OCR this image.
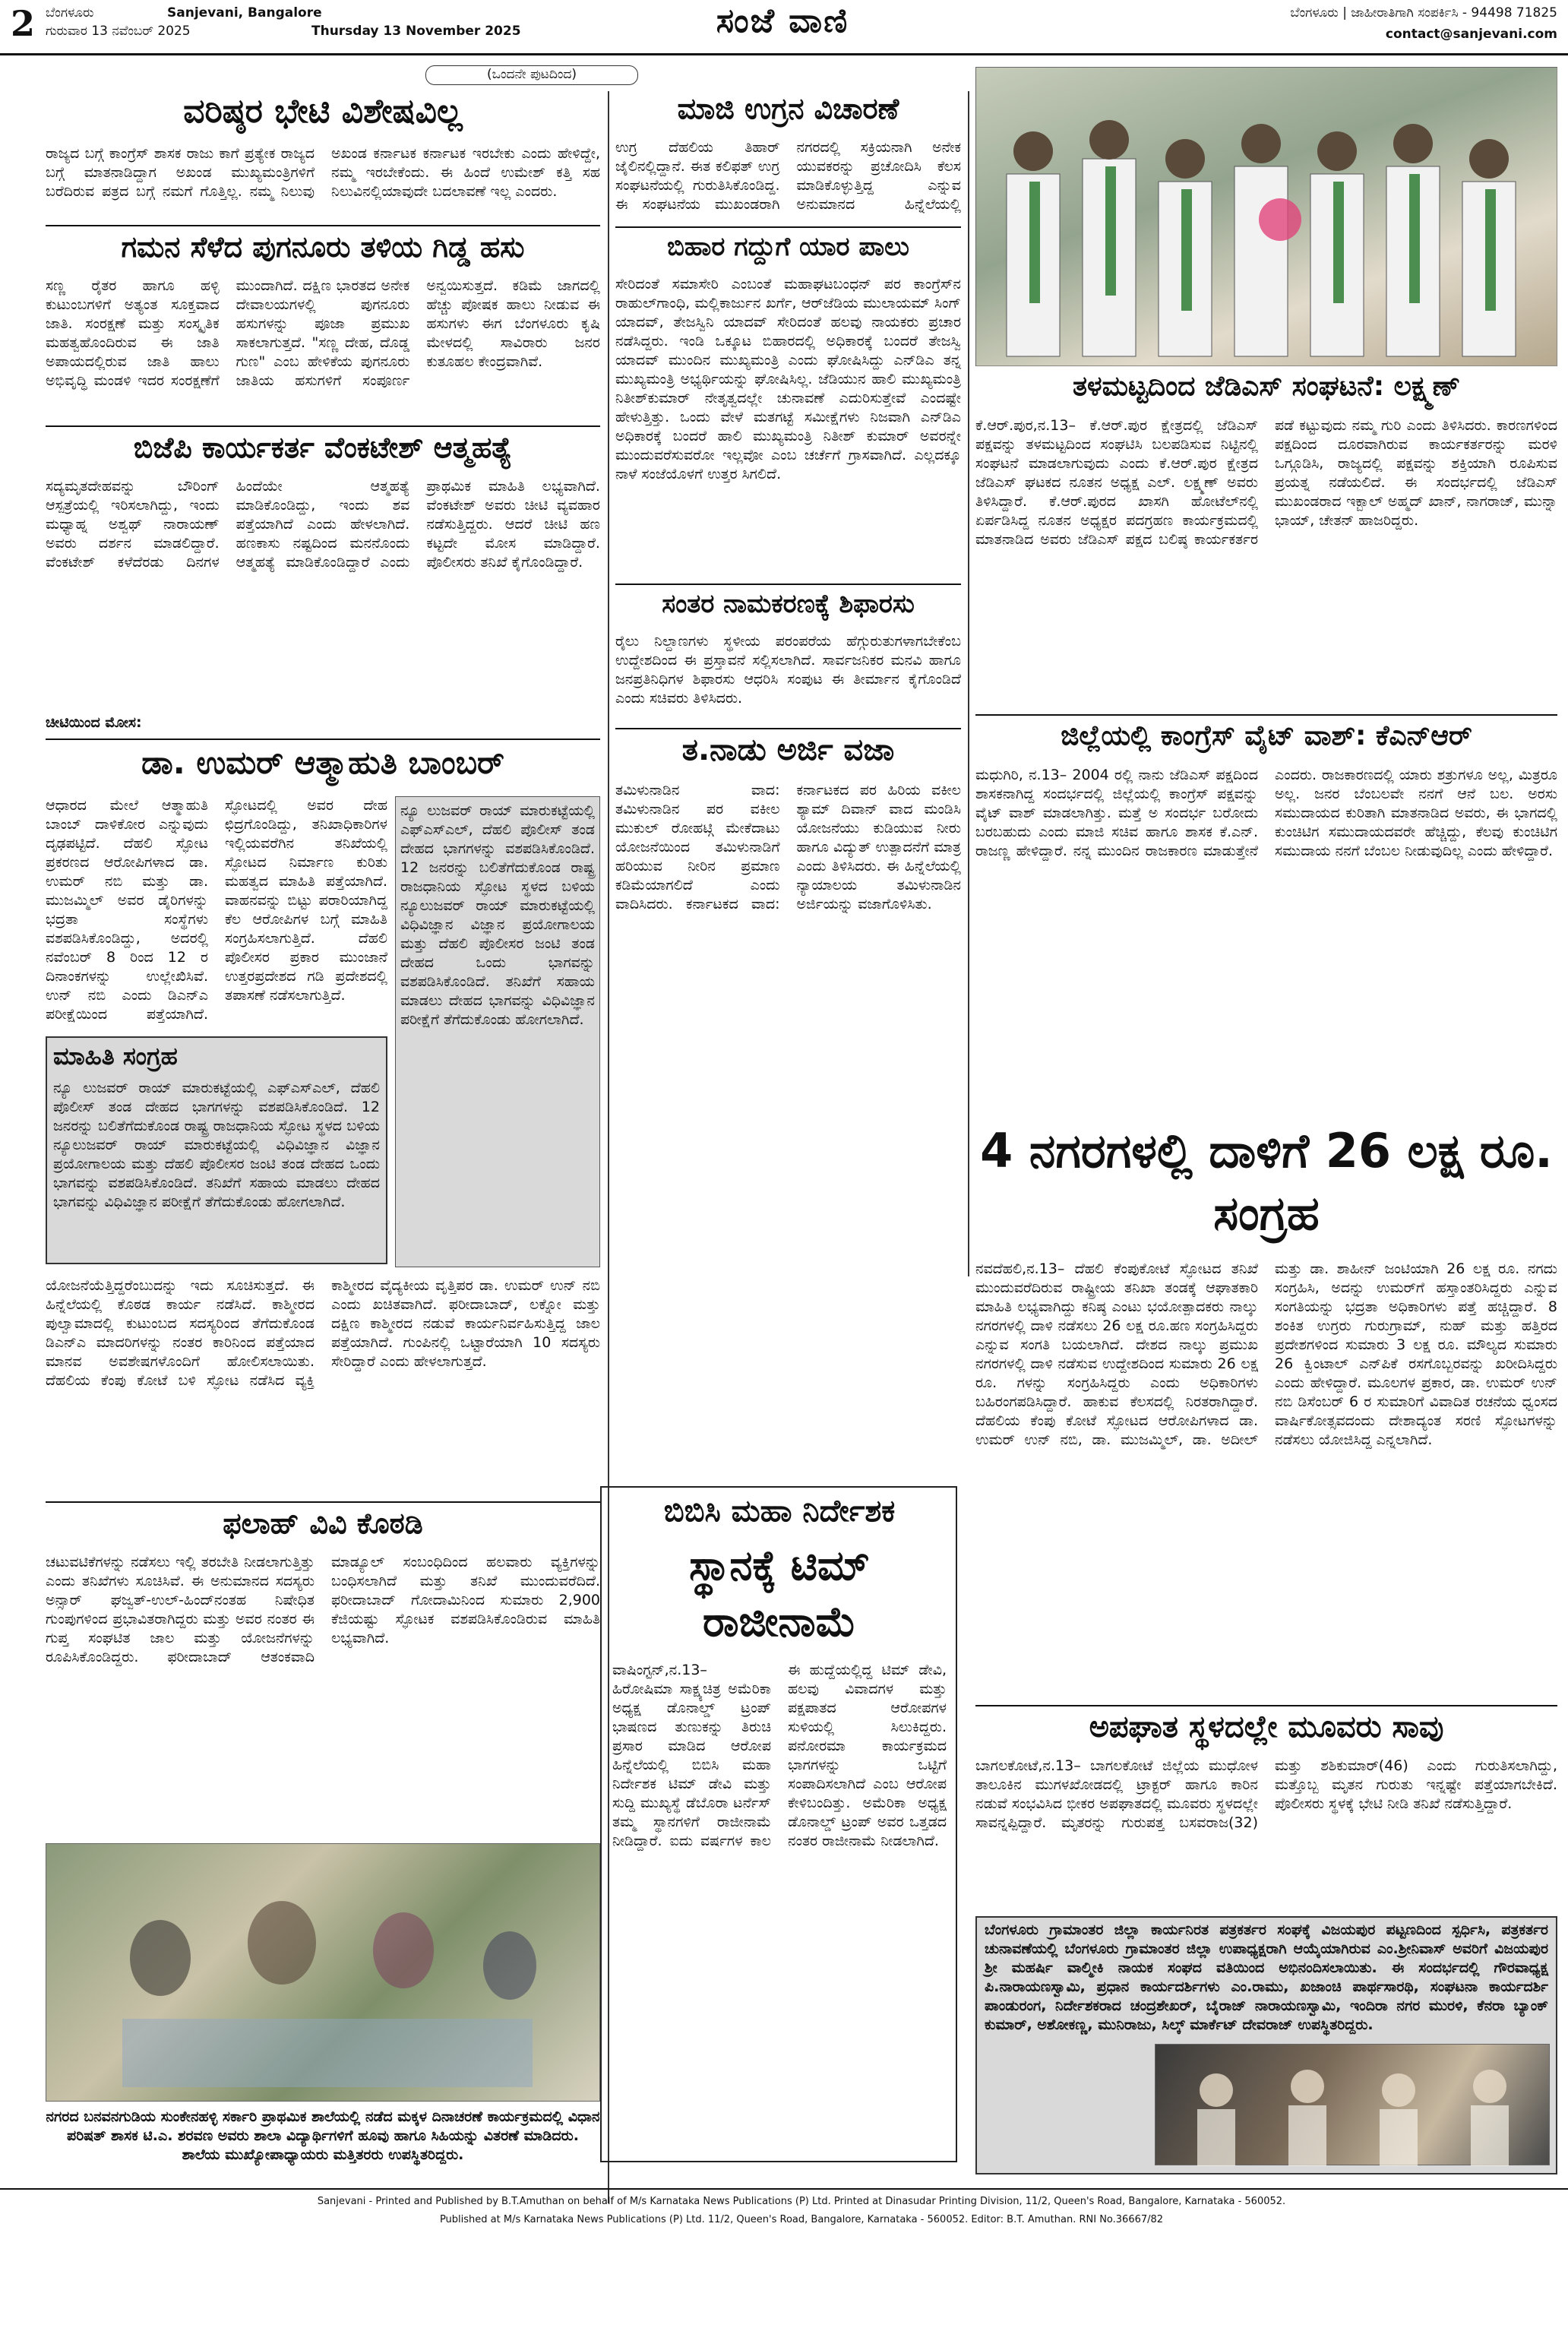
2 ಬೆಂಗಳೂರು	Sanjevani, Bangalore
ಗುರುವಾರ 13 ನವೆಂಬರ್ 2025	Thursday 13 November 2025	ಸಂಜೆ ವಾಣಿ	ಬೆಂಗಳೂರು | ಜಾಹೀರಾತಿಗಾಗಿ ಸಂಪರ್ಕಿಸಿ - 94498 71825
contact@sanjevani.com
(ಒಂದನೇ ಪುಟದಿಂದ)
ವರಿಷ್ಠರ ಭೇಟಿ ವಿಶೇಷವಿಲ್ಲ
ರಾಜ್ಯದ ಬಗ್ಗೆ ಕಾಂಗ್ರೆಸ್ ಶಾಸಕ ರಾಜು ಕಾಗೆ ಪ್ರತ್ಯೇಕ ರಾಜ್ಯದ ಬಗ್ಗೆ ಮಾತನಾಡಿದ್ದಾಗ ಅಖಂಡ ಮುಖ್ಯಮಂತ್ರಿಗಳಿಗೆ ಬರೆದಿರುವ ಪತ್ರದ ಬಗ್ಗೆ ನಮಗೆ ಗೊತ್ತಿಲ್ಲ. ನಮ್ಮ ನಿಲುವು ಅಖಂಡ ಕರ್ನಾಟಕ ಕರ್ನಾಟಕ ಇರಬೇಕು ಎಂದು ಹೇಳಿದ್ದೇ, ನಮ್ಮ ಇರಬೇಕೆಂದು. ಈ ಹಿಂದೆ ಉಮೇಶ್ ಕತ್ತಿ ಸಹ ನಿಲುವಿನಲ್ಲಿಯಾವುದೇ ಬದಲಾವಣೆ ಇಲ್ಲ ಎಂದರು.
ಗಮನ ಸೆಳೆದ ಪುಗನೂರು ತಳಿಯ ಗಿಡ್ಡ ಹಸು
ಸಣ್ಣ ರೈತರ ಹಾಗೂ ಹಳ್ಳಿ ಕುಟುಂಬಗಳಿಗೆ ಅತ್ಯಂತ ಸೂಕ್ತವಾದ ಜಾತಿ. ಸಂರಕ್ಷಣೆ ಮತ್ತು ಸಂಸ್ಕೃತಿಕ ಮಹತ್ವಹೊಂದಿರುವ ಈ ಜಾತಿ ಅಪಾಯದಲ್ಲಿರುವ ಜಾತಿ ಹಾಲು ಅಭಿವೃದ್ಧಿ ಮಂಡಳಿ ಇದರ ಸಂರಕ್ಷಣೆಗೆ ಮುಂದಾಗಿದೆ. ದಕ್ಷಿಣ ಭಾರತದ ಅನೇಕ ದೇವಾಲಯಗಳಲ್ಲಿ ಪುಗನೂರು ಹಸುಗಳನ್ನು ಪೂಜಾ ಪ್ರಮುಖ ಸಾಕಲಾಗುತ್ತದೆ. "ಸಣ್ಣ ದೇಹ, ದೊಡ್ಡ ಗುಣ" ಎಂಬ ಹೇಳಿಕೆಯ ಪುಗನೂರು ಜಾತಿಯ ಹಸುಗಳಿಗೆ ಸಂಪೂರ್ಣ ಅನ್ವಯಿಸುತ್ತದೆ. ಕಡಿಮೆ ಜಾಗದಲ್ಲಿ ಹೆಚ್ಚು ಪೋಷಕ ಹಾಲು ನೀಡುವ ಈ ಹಸುಗಳು ಈಗ ಬೆಂಗಳೂರು ಕೃಷಿ ಮೇಳದಲ್ಲಿ ಸಾವಿರಾರು ಜನರ ಕುತೂಹಲ ಕೇಂದ್ರವಾಗಿವೆ.
ಬಿಜೆಪಿ ಕಾರ್ಯಕರ್ತ ವೆಂಕಟೇಶ್ ಆತ್ಮಹತ್ಯೆ
ಸದ್ಯಮೃತದೇಹವನ್ನು ಬೌರಿಂಗ್ ಆಸ್ಪತ್ರೆಯಲ್ಲಿ ಇರಿಸಲಾಗಿದ್ದು, ಇಂದು ಮಧ್ಯಾಹ್ನ ಅಶ್ವಥ್ ನಾರಾಯಣ್ ಅವರು ದರ್ಶನ ಮಾಡಲಿದ್ದಾರೆ. ವೆಂಕಟೇಶ್ ಕಳೆದೆರಡು ದಿನಗಳ ಹಿಂದೆಯೇ ಆತ್ಮಹತ್ಯೆ ಮಾಡಿಕೊಂಡಿದ್ದು, ಇಂದು ಶವ ಪತ್ತೆಯಾಗಿದೆ ಎಂದು ಹೇಳಲಾಗಿದೆ. ಹಣಕಾಸು ನಷ್ಟದಿಂದ ಮನನೊಂದು ಆತ್ಮಹತ್ಯೆ ಮಾಡಿಕೊಂಡಿದ್ದಾರೆ ಎಂದು ಪ್ರಾಥಮಿಕ ಮಾಹಿತಿ ಲಭ್ಯವಾಗಿದೆ. ವೆಂಕಟೇಶ್ ಅವರು ಚೀಟಿ ವ್ಯವಹಾರ ನಡೆಸುತ್ತಿದ್ದರು. ಆದರೆ ಚೀಟಿ ಹಣ ಕಟ್ಟದೇ ಮೋಸ ಮಾಡಿದ್ದಾರೆ. ಪೊಲೀಸರು ತನಿಖೆ ಕೈಗೊಂಡಿದ್ದಾರೆ.
ಚೀಟಿಯಿಂದ ಮೋಸ:
ಡಾ. ಉಮರ್ ಆತ್ಮಾಹುತಿ ಬಾಂಬರ್
ಆಧಾರದ ಮೇಲೆ ಆತ್ಮಾಹುತಿ ಬಾಂಬ್ ದಾಳಿಕೋರ ಎನ್ನುವುದು ದೃಢಪಟ್ಟಿದೆ. ದೆಹಲಿ ಸ್ಫೋಟ ಪ್ರಕರಣದ ಆರೋಪಿಗಳಾದ ಡಾ. ಉಮರ್ ನಬಿ ಮತ್ತು ಡಾ. ಮುಜಮ್ಮಿಲ್ ಅವರ ಡೈರಿಗಳನ್ನು ಭದ್ರತಾ ಸಂಸ್ಥೆಗಳು ವಶಪಡಿಸಿಕೊಂಡಿದ್ದು, ಅದರಲ್ಲಿ ನವೆಂಬರ್ 8 ರಿಂದ 12 ರ ದಿನಾಂಕಗಳನ್ನು ಉಲ್ಲೇಖಿಸಿವೆ. ಉನ್ ನಬಿ ಎಂದು ಡಿಎನ್‌ಎ ಪರೀಕ್ಷೆಯಿಂದ ಪತ್ತೆಯಾಗಿದೆ. ಸ್ಫೋಟದಲ್ಲಿ ಅವರ ದೇಹ ಛಿದ್ರಗೊಂಡಿದ್ದು, ತನಿಖಾಧಿಕಾರಿಗಳ ಇಲ್ಲಿಯವರೆಗಿನ ತನಿಖೆಯಲ್ಲಿ ಸ್ಫೋಟದ ನಿರ್ಮಾಣ ಕುರಿತು ಮಹತ್ವದ ಮಾಹಿತಿ ಪತ್ತೆಯಾಗಿದೆ. ವಾಹನವನ್ನು ಬಿಟ್ಟು ಪರಾರಿಯಾಗಿದ್ದ ಕೆಲ ಆರೋಪಿಗಳ ಬಗ್ಗೆ ಮಾಹಿತಿ ಸಂಗ್ರಹಿಸಲಾಗುತ್ತಿದೆ. ದೆಹಲಿ ಪೊಲೀಸರ ಪ್ರಕಾರ ಮುಂಜಾನೆ ಉತ್ತರಪ್ರದೇಶದ ಗಡಿ ಪ್ರದೇಶದಲ್ಲಿ ತಪಾಸಣೆ ನಡೆಸಲಾಗುತ್ತಿದೆ.
ಮಾಹಿತಿ ಸಂಗ್ರಹ
ನ್ಯೂ ಲುಜವರ್ ರಾಯ್ ಮಾರುಕಟ್ಟೆಯಲ್ಲಿ ಎಫ್‌ಎಸ್‌ಎಲ್, ದೆಹಲಿ ಪೊಲೀಸ್ ತಂಡ ದೇಹದ ಭಾಗಗಳನ್ನು ವಶಪಡಿಸಿಕೊಂಡಿದೆ. 12 ಜನರನ್ನು ಬಲಿತೆಗೆದುಕೊಂಡ ರಾಷ್ಟ್ರ ರಾಜಧಾನಿಯ ಸ್ಫೋಟ ಸ್ಥಳದ ಬಳಿಯ ನ್ಯೂಲುಜವರ್ ರಾಯ್ ಮಾರುಕಟ್ಟೆಯಲ್ಲಿ ವಿಧಿವಿಜ್ಞಾನ ವಿಜ್ಞಾನ ಪ್ರಯೋಗಾಲಯ ಮತ್ತು ದೆಹಲಿ ಪೊಲೀಸರ ಜಂಟಿ ತಂಡ ದೇಹದ ಒಂದು ಭಾಗವನ್ನು ವಶಪಡಿಸಿಕೊಂಡಿದೆ. ತನಿಖೆಗೆ ಸಹಾಯ ಮಾಡಲು ದೇಹದ ಭಾಗವನ್ನು ವಿಧಿವಿಜ್ಞಾನ ಪರೀಕ್ಷೆಗೆ ತೆಗೆದುಕೊಂಡು ಹೋಗಲಾಗಿದೆ.
ಯೋಜನೆಯೆತ್ತಿದ್ದರೆಂಬುದನ್ನು ಇದು ಸೂಚಿಸುತ್ತದೆ. ಈ ಹಿನ್ನೆಲೆಯಲ್ಲಿ ಕೊಠಡ ಕಾರ್ಯ ನಡೆಸಿದೆ. ಕಾಶ್ಮೀರದ ಪುಲ್ವಾಮಾದಲ್ಲಿ ಕುಟುಂಬದ ಸದಸ್ಯರಿಂದ ತೆಗೆದುಕೊಂಡ ಡಿಎನ್‌ಎ ಮಾದರಿಗಳನ್ನು ನಂತರ ಕಾರಿನಿಂದ ಪತ್ತೆಯಾದ ಮಾನವ ಅವಶೇಷಗಳೊಂದಿಗೆ ಹೋಲಿಸಲಾಯಿತು. ದೆಹಲಿಯ ಕೆಂಪು ಕೋಟೆ ಬಳಿ ಸ್ಫೋಟ ನಡೆಸಿದ ವ್ಯಕ್ತಿ ಕಾಶ್ಮೀರದ ವೈದ್ಯಕೀಯ ವೃತ್ತಿಪರ ಡಾ. ಉಮರ್ ಉನ್ ನಬಿ ಎಂದು ಖಚಿತವಾಗಿದೆ. ಫರೀದಾಬಾದ್, ಲಕ್ನೋ ಮತ್ತು ದಕ್ಷಿಣ ಕಾಶ್ಮೀರದ ನಡುವೆ ಕಾರ್ಯನಿರ್ವಹಿಸುತ್ತಿದ್ದ ಜಾಲ ಪತ್ತೆಯಾಗಿದೆ. ಗುಂಪಿನಲ್ಲಿ ಒಟ್ಟಾರೆಯಾಗಿ 10 ಸದಸ್ಯರು ಸೇರಿದ್ದಾರೆ ಎಂದು ಹೇಳಲಾಗುತ್ತದೆ.
ನ್ಯೂ ಲುಜವರ್ ರಾಯ್ ಮಾರುಕಟ್ಟೆಯಲ್ಲಿ ಎಫ್‌ಎಸ್‌ಎಲ್, ದೆಹಲಿ ಪೊಲೀಸ್ ತಂಡ ದೇಹದ ಭಾಗಗಳನ್ನು ವಶಪಡಿಸಿಕೊಂಡಿದೆ. 12 ಜನರನ್ನು ಬಲಿತೆಗೆದುಕೊಂಡ ರಾಷ್ಟ್ರ ರಾಜಧಾನಿಯ ಸ್ಫೋಟ ಸ್ಥಳದ ಬಳಿಯ ನ್ಯೂಲುಜವರ್ ರಾಯ್ ಮಾರುಕಟ್ಟೆಯಲ್ಲಿ ವಿಧಿವಿಜ್ಞಾನ ವಿಜ್ಞಾನ ಪ್ರಯೋಗಾಲಯ ಮತ್ತು ದೆಹಲಿ ಪೊಲೀಸರ ಜಂಟಿ ತಂಡ ದೇಹದ ಒಂದು ಭಾಗವನ್ನು ವಶಪಡಿಸಿಕೊಂಡಿದೆ. ತನಿಖೆಗೆ ಸಹಾಯ ಮಾಡಲು ದೇಹದ ಭಾಗವನ್ನು ವಿಧಿವಿಜ್ಞಾನ ಪರೀಕ್ಷೆಗೆ ತೆಗೆದುಕೊಂಡು ಹೋಗಲಾಗಿದೆ.
ಫಲಾಹ್ ವಿವಿ ಕೊಠಡಿ
ಚಟುವಟಿಕೆಗಳನ್ನು ನಡೆಸಲು ಇಲ್ಲಿ ತರಬೇತಿ ನೀಡಲಾಗುತ್ತಿತ್ತು ಎಂದು ತನಿಖೆಗಳು ಸೂಚಿಸಿವೆ. ಈ ಅನುಮಾನದ ಸದಸ್ಯರು ಅನ್ಸಾರ್ ಘಜ್ವತ್-ಉಲ್-ಹಿಂದ್‌ನಂತಹ ನಿಷೇಧಿತ ಗುಂಪುಗಳಿಂದ ಪ್ರಭಾವಿತರಾಗಿದ್ದರು ಮತ್ತು ಅವರ ನಂತರ ಈ ಗುಪ್ತ ಸಂಘಟಿತ ಜಾಲ ಮತ್ತು ಯೋಜನೆಗಳನ್ನು ರೂಪಿಸಿಕೊಂಡಿದ್ದರು. ಫರೀದಾಬಾದ್ ಆತಂಕವಾದಿ ಮಾಡ್ಯೂಲ್ ಸಂಬಂಧಿದಿಂದ ಹಲವಾರು ವ್ಯಕ್ತಿಗಳನ್ನು ಬಂಧಿಸಲಾಗಿದೆ ಮತ್ತು ತನಿಖೆ ಮುಂದುವರೆದಿದೆ. ಫರೀದಾಬಾದ್ ಗೋದಾಮಿನಿಂದ ಸುಮಾರು 2,900 ಕೆಜಿಯಷ್ಟು ಸ್ಫೋಟಕ ವಶಪಡಿಸಿಕೊಂಡಿರುವ ಮಾಹಿತಿ ಲಭ್ಯವಾಗಿದೆ.
ನಗರದ ಬನವನಗುಡಿಯ ಸುಂಕೇನಹಳ್ಳಿ ಸರ್ಕಾರಿ ಪ್ರಾಥಮಿಕ ಶಾಲೆಯಲ್ಲಿ ನಡೆದ ಮಕ್ಕಳ ದಿನಾಚರಣೆ ಕಾರ್ಯಕ್ರಮದಲ್ಲಿ ವಿಧಾನ ಪರಿಷತ್ ಶಾಸಕ ಟಿ.ಎ. ಶರವಣ ಅವರು ಶಾಲಾ ವಿದ್ಯಾರ್ಥಿಗಳಿಗೆ ಹೂವು ಹಾಗೂ ಸಿಹಿಯನ್ನು ವಿತರಣೆ ಮಾಡಿದರು. ಶಾಲೆಯ ಮುಖ್ಯೋಪಾಧ್ಯಾಯರು ಮತ್ತಿತರರು ಉಪಸ್ಥಿತರಿದ್ದರು.
ಮಾಜಿ ಉಗ್ರನ ವಿಚಾರಣೆ
ಉಗ್ರ ದೆಹಲಿಯ ತಿಹಾರ್ ಜೈಲಿನಲ್ಲಿದ್ದಾನೆ. ಈತ ಕಲಿಫತ್ ಉಗ್ರ ಸಂಘಟನೆಯಲ್ಲಿ ಗುರುತಿಸಿಕೊಂಡಿದ್ದ. ಈ ಸಂಘಟನೆಯ ಮುಖಂಡರಾಗಿ ನಗರದಲ್ಲಿ ಸಕ್ರಿಯನಾಗಿ ಅನೇಕ ಯುವಕರನ್ನು ಪ್ರಚೋದಿಸಿ ಕೆಲಸ ಮಾಡಿಕೊಳ್ಳುತ್ತಿದ್ದ ಎನ್ನುವ ಅನುಮಾನದ ಹಿನ್ನೆಲೆಯಲ್ಲಿ
ಬಿಹಾರ ಗದ್ದುಗೆ ಯಾರ ಪಾಲು
ಸೇರಿದಂತೆ ಸಮಾಸೇರಿ ಎಂಬಂತೆ ಮಹಾಘಟಬಂಧನ್ ಪರ ಕಾಂಗ್ರೆಸ್‌ನ ರಾಹುಲ್‌ಗಾಂಧಿ, ಮಲ್ಲಿಕಾರ್ಜುನ ಖರ್ಗೆ, ಆರ್‌ಜೆಡಿಯ ಮುಲಾಯಮ್ ಸಿಂಗ್ ಯಾದವ್, ತೇಜಸ್ವಿನಿ ಯಾದವ್ ಸೇರಿದಂತೆ ಹಲವು ನಾಯಕರು ಪ್ರಚಾರ ನಡೆಸಿದ್ದರು. ಇಂಡಿ ಒಕ್ಕೂಟ ಬಿಹಾರದಲ್ಲಿ ಅಧಿಕಾರಕ್ಕೆ ಬಂದರೆ ತೇಜಸ್ವಿ ಯಾದವ್ ಮುಂದಿನ ಮುಖ್ಯಮಂತ್ರಿ ಎಂದು ಘೋಷಿಸಿದ್ದು ಎನ್‌ಡಿಎ ತನ್ನ ಮುಖ್ಯಮಂತ್ರಿ ಅಭ್ಯರ್ಥಿಯನ್ನು ಘೋಷಿಸಿಲ್ಲ. ಜೆಡಿಯುನ ಹಾಲಿ ಮುಖ್ಯಮಂತ್ರಿ ನಿತೀಶ್‌ಕುಮಾರ್ ನೇತೃತ್ವದಲ್ಲೇ ಚುನಾವಣೆ ಎದುರಿಸುತ್ತೇವೆ ಎಂದಷ್ಟೇ ಹೇಳುತ್ತಿತ್ತು. ಒಂದು ವೇಳೆ ಮತಗಟ್ಟೆ ಸಮೀಕ್ಷೆಗಳು ನಿಜವಾಗಿ ಎನ್‌ಡಿಎ ಅಧಿಕಾರಕ್ಕೆ ಬಂದರೆ ಹಾಲಿ ಮುಖ್ಯಮಂತ್ರಿ ನಿತೀಶ್ ಕುಮಾರ್ ಅವರನ್ನೇ ಮುಂದುವರೆಸುವರೋ ಇಲ್ಲವೋ ಎಂಬ ಚರ್ಚೆಗೆ ಗ್ರಾಸವಾಗಿದೆ. ಎಲ್ಲದಕ್ಕೂ ನಾಳೆ ಸಂಜೆಯೊಳಗೆ ಉತ್ತರ ಸಿಗಲಿದೆ.
ಸಂತರ ನಾಮಕರಣಕ್ಕೆ ಶಿಫಾರಸು
ರೈಲು ನಿಲ್ದಾಣಗಳು ಸ್ಥಳೀಯ ಪರಂಪರೆಯ ಹೆಗ್ಗುರುತುಗಳಾಗಬೇಕೆಂಬ ಉದ್ದೇಶದಿಂದ ಈ ಪ್ರಸ್ತಾವನೆ ಸಲ್ಲಿಸಲಾಗಿದೆ. ಸಾರ್ವಜನಿಕರ ಮನವಿ ಹಾಗೂ ಜನಪ್ರತಿನಿಧಿಗಳ ಶಿಫಾರಸು ಆಧರಿಸಿ ಸಂಪುಟ ಈ ತೀರ್ಮಾನ ಕೈಗೊಂಡಿದೆ ಎಂದು ಸಚಿವರು ತಿಳಿಸಿದರು.
ತ.ನಾಡು ಅರ್ಜಿ ವಜಾ
ತಮಿಳುನಾಡಿನ ವಾದ: ತಮಿಳುನಾಡಿನ ಪರ ವಕೀಲ ಮುಕುಲ್ ರೋಹಟ್ಗಿ ಮೇಕೆದಾಟು ಯೋಜನೆಯಿಂದ ತಮಿಳುನಾಡಿಗೆ ಹರಿಯುವ ನೀರಿನ ಪ್ರಮಾಣ ಕಡಿಮೆಯಾಗಲಿದೆ ಎಂದು ವಾದಿಸಿದರು. ಕರ್ನಾಟಕದ ವಾದ: ಕರ್ನಾಟಕದ ಪರ ಹಿರಿಯ ವಕೀಲ ಶ್ಯಾಮ್ ದಿವಾನ್ ವಾದ ಮಂಡಿಸಿ ಯೋಜನೆಯು ಕುಡಿಯುವ ನೀರು ಹಾಗೂ ವಿದ್ಯುತ್ ಉತ್ಪಾದನೆಗೆ ಮಾತ್ರ ಎಂದು ತಿಳಿಸಿದರು. ಈ ಹಿನ್ನೆಲೆಯಲ್ಲಿ ನ್ಯಾಯಾಲಯ ತಮಿಳುನಾಡಿನ ಅರ್ಜಿಯನ್ನು ವಜಾಗೊಳಿಸಿತು.
ಬಿಬಿಸಿ ಮಹಾ ನಿರ್ದೇಶಕ
ಸ್ಥಾನಕ್ಕೆ ಟಿಮ್
ರಾಜೀನಾಮೆ
ವಾಷಿಂಗ್ಟನ್,ನ.13– ಹಿರೋಷಿಮಾ ಸಾಕ್ಷ್ಯಚಿತ್ರ ಅಮೆರಿಕಾ ಅಧ್ಯಕ್ಷ ಡೊನಾಲ್ಡ್ ಟ್ರಂಪ್ ಭಾಷಣದ ತುಣುಕನ್ನು ತಿರುಚಿ ಪ್ರಸಾರ ಮಾಡಿದ ಆರೋಪ ಹಿನ್ನೆಲೆಯಲ್ಲಿ ಬಿಬಿಸಿ ಮಹಾ ನಿರ್ದೇಶಕ ಟಿಮ್ ಡೇವಿ ಮತ್ತು ಸುದ್ದಿ ಮುಖ್ಯಸ್ಥೆ ಡೆಬೊರಾ ಟರ್ನೆಸ್ ತಮ್ಮ ಸ್ಥಾನಗಳಿಗೆ ರಾಜೀನಾಮೆ ನೀಡಿದ್ದಾರೆ. ಐದು ವರ್ಷಗಳ ಕಾಲ ಈ ಹುದ್ದೆಯಲ್ಲಿದ್ದ ಟಿಮ್ ಡೇವಿ, ಹಲವು ವಿವಾದಗಳ ಮತ್ತು ಪಕ್ಷಪಾತದ ಆರೋಪಗಳ ಸುಳಿಯಲ್ಲಿ ಸಿಲುಕಿದ್ದರು. ಪನೋರಮಾ ಕಾರ್ಯಕ್ರಮದ ಭಾಗಗಳನ್ನು ಒಟ್ಟಿಗೆ ಸಂಪಾದಿಸಲಾಗಿದೆ ಎಂಬ ಆರೋಪ ಕೇಳಿಬಂದಿತ್ತು. ಅಮೆರಿಕಾ ಅಧ್ಯಕ್ಷ ಡೊನಾಲ್ಡ್ ಟ್ರಂಪ್ ಅವರ ಒತ್ತಡದ ನಂತರ ರಾಜೀನಾಮೆ ನೀಡಲಾಗಿದೆ.
ತಳಮಟ್ಟದಿಂದ ಜೆಡಿಎಸ್ ಸಂಘಟನೆ: ಲಕ್ಷ್ಮಣ್
ಕೆ.ಆರ್.ಪುರ,ನ.13– ಕೆ.ಆರ್.ಪುರ ಕ್ಷೇತ್ರದಲ್ಲಿ ಜೆಡಿಎಸ್ ಪಕ್ಷವನ್ನು ತಳಮಟ್ಟದಿಂದ ಸಂಘಟಿಸಿ ಬಲಪಡಿಸುವ ನಿಟ್ಟಿನಲ್ಲಿ ಸಂಘಟನೆ ಮಾಡಲಾಗುವುದು ಎಂದು ಕೆ.ಆರ್.ಪುರ ಕ್ಷೇತ್ರದ ಜೆಡಿಎಸ್ ಘಟಕದ ನೂತನ ಅಧ್ಯಕ್ಷ ಎಲ್. ಲಕ್ಷ್ಮಣ್ ಅವರು ತಿಳಿಸಿದ್ದಾರೆ. ಕೆ.ಆರ್.ಪುರದ ಖಾಸಗಿ ಹೋಟೆಲ್‌ನಲ್ಲಿ ಏರ್ಪಡಿಸಿದ್ದ ನೂತನ ಅಧ್ಯಕ್ಷರ ಪದಗ್ರಹಣ ಕಾರ್ಯಕ್ರಮದಲ್ಲಿ ಮಾತನಾಡಿದ ಅವರು ಜೆಡಿಎಸ್ ಪಕ್ಷದ ಬಲಿಷ್ಠ ಕಾರ್ಯಕರ್ತರ ಪಡೆ ಕಟ್ಟುವುದು ನಮ್ಮ ಗುರಿ ಎಂದು ತಿಳಿಸಿದರು. ಕಾರಣಗಳಿಂದ ಪಕ್ಷದಿಂದ ದೂರವಾಗಿರುವ ಕಾರ್ಯಕರ್ತರನ್ನು ಮರಳಿ ಒಗ್ಗೂಡಿಸಿ, ರಾಜ್ಯದಲ್ಲಿ ಪಕ್ಷವನ್ನು ಶಕ್ತಿಯಾಗಿ ರೂಪಿಸುವ ಪ್ರಯತ್ನ ನಡೆಯಲಿದೆ. ಈ ಸಂದರ್ಭದಲ್ಲಿ ಜೆಡಿಎಸ್ ಮುಖಂಡರಾದ ಇಕ್ಬಾಲ್ ಅಹ್ಮದ್ ಖಾನ್, ನಾಗರಾಜ್, ಮುನ್ನಾ ಭಾಯ್, ಚೇತನ್ ಹಾಜರಿದ್ದರು.
ಜಿಲ್ಲೆಯಲ್ಲಿ ಕಾಂಗ್ರೆಸ್ ವೈಟ್ ವಾಶ್: ಕೆಎನ್‌ಆರ್
ಮಧುಗಿರಿ, ನ.13– 2004 ರಲ್ಲಿ ನಾನು ಜೆಡಿಎಸ್ ಪಕ್ಷದಿಂದ ಶಾಸಕನಾಗಿದ್ದ ಸಂದರ್ಭದಲ್ಲಿ ಜಿಲ್ಲೆಯಲ್ಲಿ ಕಾಂಗ್ರೆಸ್ ಪಕ್ಷವನ್ನು ವೈಟ್ ವಾಶ್ ಮಾಡಲಾಗಿತ್ತು. ಮತ್ತೆ ಅ ಸಂದರ್ಭ ಬರೋದು ಬರಬಹುದು ಎಂದು ಮಾಜಿ ಸಚಿವ ಹಾಗೂ ಶಾಸಕ ಕೆ.ಎನ್. ರಾಜಣ್ಣ ಹೇಳಿದ್ದಾರೆ. ನನ್ನ ಮುಂದಿನ ರಾಜಕಾರಣ ಮಾಡುತ್ತೇನೆ ಎಂದರು. ರಾಜಕಾರಣದಲ್ಲಿ ಯಾರು ಶತ್ರುಗಳೂ ಅಲ್ಲ, ಮಿತ್ರರೂ ಅಲ್ಲ. ಜನರ ಬೆಂಬಲವೇ ನನಗೆ ಆನೆ ಬಲ. ಅರಸು ಸಮುದಾಯದ ಕುರಿತಾಗಿ ಮಾತನಾಡಿದ ಅವರು, ಈ ಭಾಗದಲ್ಲಿ ಕುಂಚಿಟಿಗ ಸಮುದಾಯದವರೇ ಹೆಚ್ಚಿದ್ದು, ಕೆಲವು ಕುಂಚಿಟಿಗ ಸಮುದಾಯ ನನಗೆ ಬೆಂಬಲ ನೀಡುವುದಿಲ್ಲ ಎಂದು ಹೇಳಿದ್ದಾರೆ.
4 ನಗರಗಳಲ್ಲಿ ದಾಳಿಗೆ 26 ಲಕ್ಷ ರೂ. ಸಂಗ್ರಹ
ನವದೆಹಲಿ,ನ.13– ದೆಹಲಿ ಕೆಂಪುಕೋಟೆ ಸ್ಫೋಟದ ತನಿಖೆ ಮುಂದುವರೆದಿರುವ ರಾಷ್ಟ್ರೀಯ ತನಿಖಾ ತಂಡಕ್ಕೆ ಆಘಾತಕಾರಿ ಮಾಹಿತಿ ಲಭ್ಯವಾಗಿದ್ದು ಕನಿಷ್ಠ ಎಂಟು ಭಯೋತ್ಪಾದಕರು ನಾಲ್ಕು ನಗರಗಳಲ್ಲಿ ದಾಳಿ ನಡೆಸಲು 26 ಲಕ್ಷ ರೂ.ಹಣ ಸಂಗ್ರಹಿಸಿದ್ದರು ಎನ್ನುವ ಸಂಗತಿ ಬಯಲಾಗಿದೆ. ದೇಶದ ನಾಲ್ಕು ಪ್ರಮುಖ ನಗರಗಳಲ್ಲಿ ದಾಳಿ ನಡೆಸುವ ಉದ್ದೇಶದಿಂದ ಸುಮಾರು 26 ಲಕ್ಷ ರೂ. ಗಳನ್ನು ಸಂಗ್ರಹಿಸಿದ್ದರು ಎಂದು ಅಧಿಕಾರಿಗಳು ಬಹಿರಂಗಪಡಿಸಿದ್ದಾರೆ. ಹಾಕುವ ಕೆಲಸದಲ್ಲಿ ನಿರತರಾಗಿದ್ದಾರೆ. ದೆಹಲಿಯ ಕೆಂಪು ಕೋಟೆ ಸ್ಫೋಟದ ಆರೋಪಿಗಳಾದ ಡಾ. ಉಮರ್ ಉನ್ ನಬಿ, ಡಾ. ಮುಜಮ್ಮಿಲ್, ಡಾ. ಅದೀಲ್ ಮತ್ತು ಡಾ. ಶಾಹೀನ್ ಜಂಟಿಯಾಗಿ 26 ಲಕ್ಷ ರೂ. ನಗದು ಸಂಗ್ರಹಿಸಿ, ಅದನ್ನು ಉಮರ್‌ಗೆ ಹಸ್ತಾಂತರಿಸಿದ್ದರು ಎನ್ನುವ ಸಂಗತಿಯನ್ನು ಭದ್ರತಾ ಅಧಿಕಾರಿಗಳು ಪತ್ತೆ ಹಚ್ಚಿದ್ದಾರೆ. 8 ಶಂಕಿತ ಉಗ್ರರು ಗುರುಗ್ರಾಮ್, ನುಹ್ ಮತ್ತು ಹತ್ತಿರದ ಪ್ರದೇಶಗಳಿಂದ ಸುಮಾರು 3 ಲಕ್ಷ ರೂ. ಮೌಲ್ಯದ ಸುಮಾರು 26 ಕ್ವಿಂಟಾಲ್ ಎನ್‌ಪಿಕೆ ರಸಗೊಬ್ಬರವನ್ನು ಖರೀದಿಸಿದ್ದರು ಎಂದು ಹೇಳಿದ್ದಾರೆ. ಮೂಲಗಳ ಪ್ರಕಾರ, ಡಾ. ಉಮರ್ ಉನ್ ನಬಿ ಡಿಸೆಂಬರ್ 6 ರ ಸುಮಾರಿಗೆ ವಿವಾದಿತ ರಚನೆಯ ಧ್ವಂಸದ ವಾರ್ಷಿಕೋತ್ಸವದಂದು ದೇಶಾದ್ಯಂತ ಸರಣಿ ಸ್ಫೋಟಗಳನ್ನು ನಡೆಸಲು ಯೋಜಿಸಿದ್ದ ಎನ್ನಲಾಗಿದೆ.
ಅಪಘಾತ ಸ್ಥಳದಲ್ಲೇ ಮೂವರು ಸಾವು
ಬಾಗಲಕೋಟೆ,ನ.13– ಬಾಗಲಕೋಟೆ ಜಿಲ್ಲೆಯ ಮುಧೋಳ ತಾಲೂಕಿನ ಮುಗಳಖೋಡದಲ್ಲಿ ಟ್ರಾಕ್ಟರ್ ಹಾಗೂ ಕಾರಿನ ನಡುವೆ ಸಂಭವಿಸಿದ ಭೀಕರ ಅಪಘಾತದಲ್ಲಿ ಮೂವರು ಸ್ಥಳದಲ್ಲೇ ಸಾವನ್ನಪ್ಪಿದ್ದಾರೆ. ಮೃತರನ್ನು ಗುರುಪತ್ತ ಬಸವರಾಜ(32) ಮತ್ತು ಶಶಿಕುಮಾರ್(46) ಎಂದು ಗುರುತಿಸಲಾಗಿದ್ದು, ಮತ್ತೊಬ್ಬ ಮೃತನ ಗುರುತು ಇನ್ನಷ್ಟೇ ಪತ್ತೆಯಾಗಬೇಕಿದೆ. ಪೊಲೀಸರು ಸ್ಥಳಕ್ಕೆ ಭೇಟಿ ನೀಡಿ ತನಿಖೆ ನಡೆಸುತ್ತಿದ್ದಾರೆ.
ಬೆಂಗಳೂರು ಗ್ರಾಮಾಂತರ ಜಿಲ್ಲಾ ಕಾರ್ಯನಿರತ ಪತ್ರಕರ್ತರ ಸಂಘಕ್ಕೆ ವಿಜಯಪುರ ಪಟ್ಟಣದಿಂದ ಸ್ಪರ್ಧಿಸಿ, ಪತ್ರಕರ್ತರ ಚುನಾವಣೆಯಲ್ಲಿ ಬೆಂಗಳೂರು ಗ್ರಾಮಾಂತರ ಜಿಲ್ಲಾ ಉಪಾಧ್ಯಕ್ಷರಾಗಿ ಆಯ್ಕೆಯಾಗಿರುವ ಎಂ.ಶ್ರೀನಿವಾಸ್ ಅವರಿಗೆ ವಿಜಯಪುರ ಶ್ರೀ ಮಹರ್ಷಿ ವಾಲ್ಮೀಕಿ ನಾಯಕ ಸಂಘದ ವತಿಯಿಂದ ಅಭಿನಂದಿಸಲಾಯಿತು. ಈ ಸಂದರ್ಭದಲ್ಲಿ ಗೌರವಾಧ್ಯಕ್ಷ ಪಿ.ನಾರಾಯಣಸ್ವಾಮಿ, ಪ್ರಧಾನ ಕಾರ್ಯದರ್ಶಿಗಳು ಎಂ.ರಾಮು, ಖಜಾಂಚಿ ಪಾರ್ಥಸಾರಥಿ, ಸಂಘಟನಾ ಕಾರ್ಯದರ್ಶಿ ಪಾಂಡುರಂಗ, ನಿರ್ದೇಶಕರಾದ ಚಂದ್ರಶೇಖರ್, ಬೈರಾಜ್ ನಾರಾಯಣಸ್ವಾಮಿ, ಇಂದಿರಾ ನಗರ ಮುರಳಿ, ಕೆನರಾ ಬ್ಯಾಂಕ್ ಕುಮಾರ್, ಅಶೋಕಣ್ಣ, ಮುನಿರಾಜು, ಸಿಲ್ಕ್ ಮಾರ್ಕೆಟ್ ದೇವರಾಜ್ ಉಪಸ್ಥಿತರಿದ್ದರು.
Sanjevani - Printed and Published by B.T.Amuthan on behalf of M/s Karnataka News Publications (P) Ltd. Printed at Dinasudar Printing Division, 11/2, Queen's Road, Bangalore, Karnataka - 560052.
Published at M/s Karnataka News Publications (P) Ltd. 11/2, Queen's Road, Bangalore, Karnataka - 560052. Editor: B.T. Amuthan. RNI No.36667/82
